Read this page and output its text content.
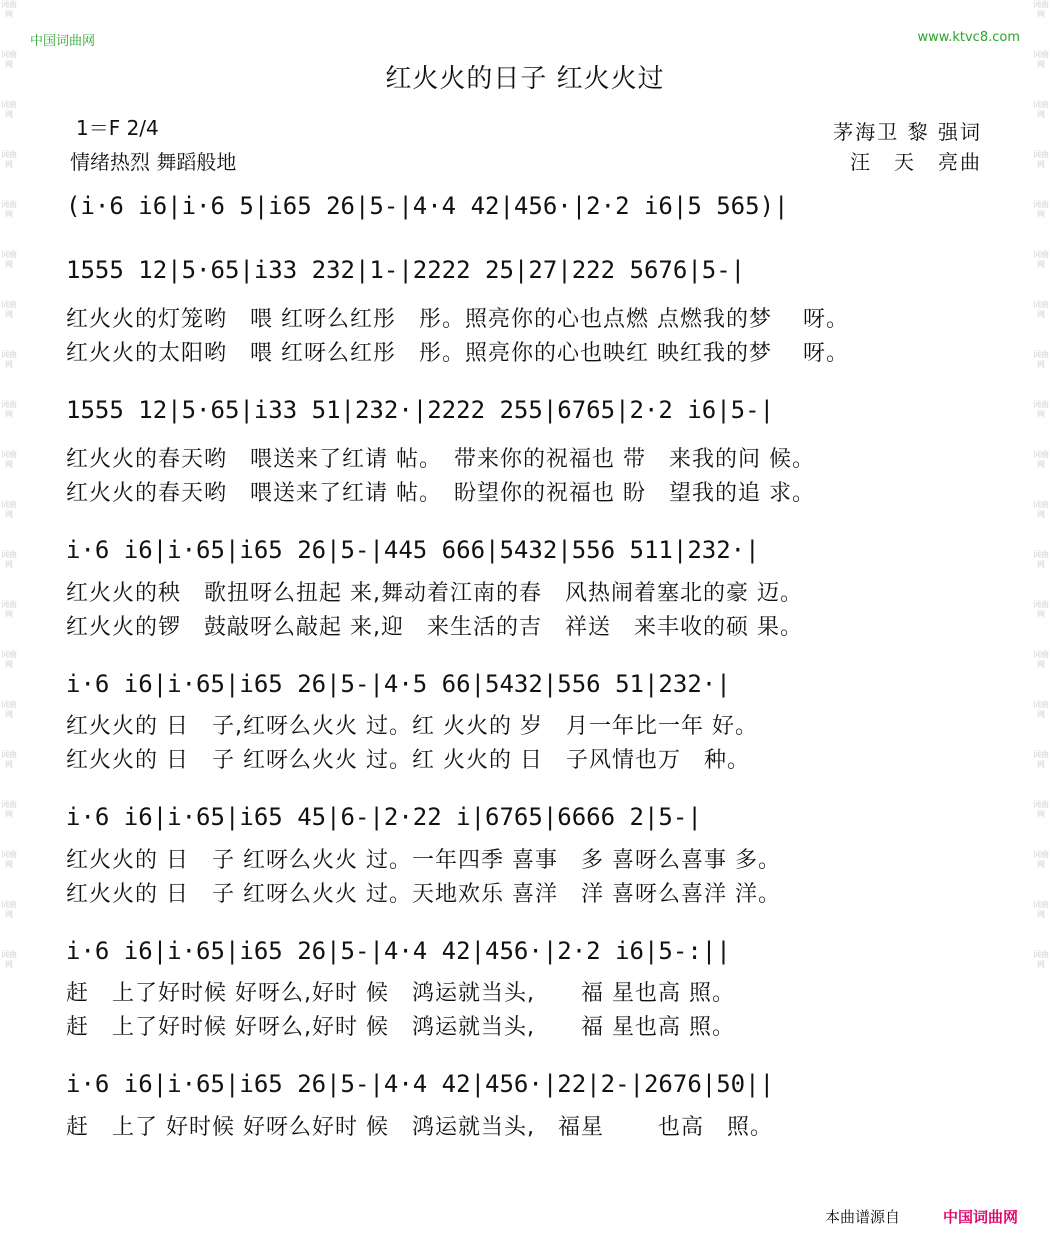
词曲网
词曲网
词曲网
词曲网
词曲网
词曲网
词曲网
词曲网
词曲网
词曲网
词曲网
词曲网
词曲网
词曲网
词曲网
词曲网
词曲网
词曲网
词曲网
词曲网
词曲网
词曲网
词曲网
词曲网
词曲网
词曲网
词曲网
词曲网
词曲网
词曲网
词曲网
词曲网
词曲网
词曲网
词曲网
词曲网
词曲网
词曲网
词曲网
词曲网
中国词曲网	www.ktvc8.com
红火火的日子 红火火过
1＝F 2/4
情绪热烈 舞蹈般地
茅海卫 黎 强词
汪　天　亮曲
(i·6 i6|i·6 5|i65 26|5-|4·4 42|456·|2·2 i6|5 565)|
1555 12|5·65|i33 232|1-|2222 25|27|222 5676|5-|
红火火的灯笼哟　喂 红呀么红彤　彤。照亮你的心也点燃 点燃我的梦　 呀。
红火火的太阳哟　喂 红呀么红彤　彤。照亮你的心也映红 映红我的梦　 呀。
1555 12|5·65|i33 51|232·|2222 255|6765|2·2 i6|5-|
红火火的春天哟　喂送来了红请 帖。　带来你的祝福也 带　来我的问 候。
红火火的春天哟　喂送来了红请 帖。　盼望你的祝福也 盼　望我的追 求。
i·6 i6|i·65|i65 26|5-|445 666|5432|556 511|232·|
红火火的秧　歌扭呀么扭起 来,舞动着江南的春　风热闹着塞北的豪 迈。
红火火的锣　鼓敲呀么敲起 来,迎　来生活的吉　祥送　来丰收的硕 果。
i·6 i6|i·65|i65 26|5-|4·5 66|5432|556 51|232·|
红火火的 日　子,红呀么火火 过。红 火火的 岁　月一年比一年 好。
红火火的 日　子 红呀么火火 过。红 火火的 日　子风情也万　种。
i·6 i6|i·65|i65 45|6-|2·22 i|6765|6666 2|5-|
红火火的 日　子 红呀么火火 过。一年四季 喜事　多 喜呀么喜事 多。
红火火的 日　子 红呀么火火 过。天地欢乐 喜洋　洋 喜呀么喜洋 洋。
i·6 i6|i·65|i65 26|5-|4·4 42|456·|2·2 i6|5-:||
赶　上了好时候 好呀么,好时 候　鸿运就当头,　　福 星也高 照。
赶　上了好时候 好呀么,好时 候　鸿运就当头,　　福 星也高 照。
i·6 i6|i·65|i65 26|5-|4·4 42|456·|22|2-|2676|50||
赶　上了 好时候 好呀么好时 候　鸿运就当头,　福星　　 也高　照。
本曲谱源自	中国词曲网
